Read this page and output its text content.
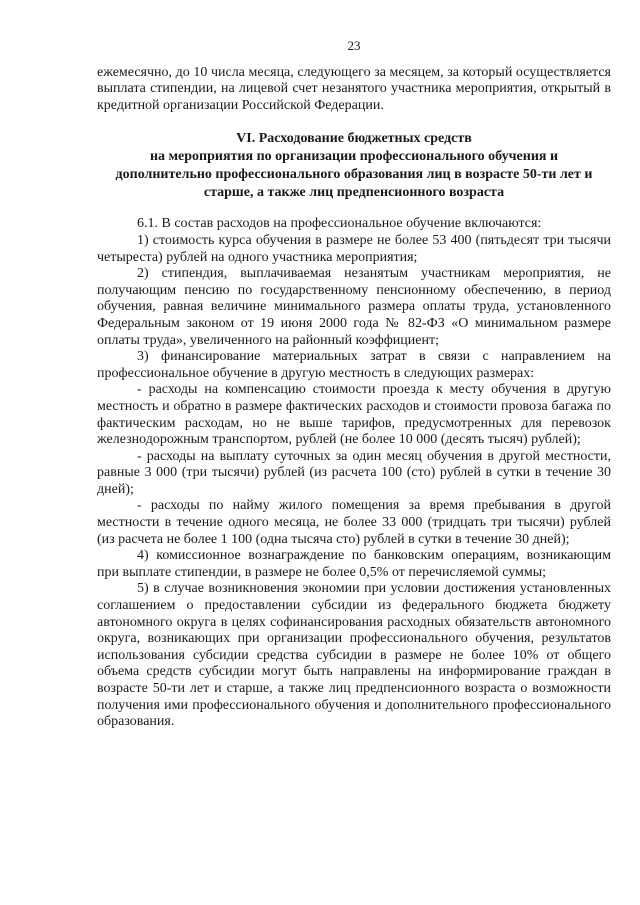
23

ежемесячно, до 10 числа месяца, следующего за месяцем, за который осуществляется выплата стипендии, на лицевой счет незанятого участника мероприятия, открытый в кредитной организации Российской Федерации.

VI. Расходование бюджетных средств
на мероприятия по организации профессионального обучения и
дополнительно профессионального образования лиц в возрасте 50-ти лет и
старше, а также лиц предпенсионного возраста

6.1. В состав расходов на профессиональное обучение включаются:

1) стоимость курса обучения в размере не более 53 400 (пятьдесят три тысячи четыреста) рублей на одного участника мероприятия;

2) стипендия, выплачиваемая незанятым участникам мероприятия, не получающим пенсию по государственному пенсионному обеспечению, в период обучения, равная величине минимального размера оплаты труда, установленного Федеральным законом от 19 июня 2000 года № 82-ФЗ «О минимальном размере оплаты труда», увеличенного на районный коэффициент;

3) финансирование материальных затрат в связи с направлением на профессиональное обучение в другую местность в следующих размерах:

- расходы на компенсацию стоимости проезда к месту обучения в другую местность и обратно в размере фактических расходов и стоимости провоза багажа по фактическим расходам, но не выше тарифов, предусмотренных для перевозок железнодорожным транспортом, рублей (не более 10 000 (десять тысяч) рублей);

- расходы на выплату суточных за один месяц обучения в другой местности, равные 3 000 (три тысячи) рублей (из расчета 100 (сто) рублей в сутки в течение 30 дней);

- расходы по найму жилого помещения за время пребывания в другой местности в течение одного месяца, не более 33 000 (тридцать три тысячи) рублей (из расчета не более 1 100 (одна тысяча сто) рублей в сутки в течение 30 дней);

4) комиссионное вознаграждение по банковским операциям, возникающим при выплате стипендии, в размере не более 0,5% от перечисляемой суммы;

5) в случае возникновения экономии при условии достижения установленных соглашением о предоставлении субсидии из федерального бюджета бюджету автономного округа в целях софинансирования расходных обязательств автономного округа, возникающих при организации профессионального обучения, результатов использования субсидии средства субсидии в размере не более 10% от общего объема средств субсидии могут быть направлены на информирование граждан в возрасте 50-ти лет и старше, а также лиц предпенсионного возраста о возможности получения ими профессионального обучения и дополнительного профессионального образования.
